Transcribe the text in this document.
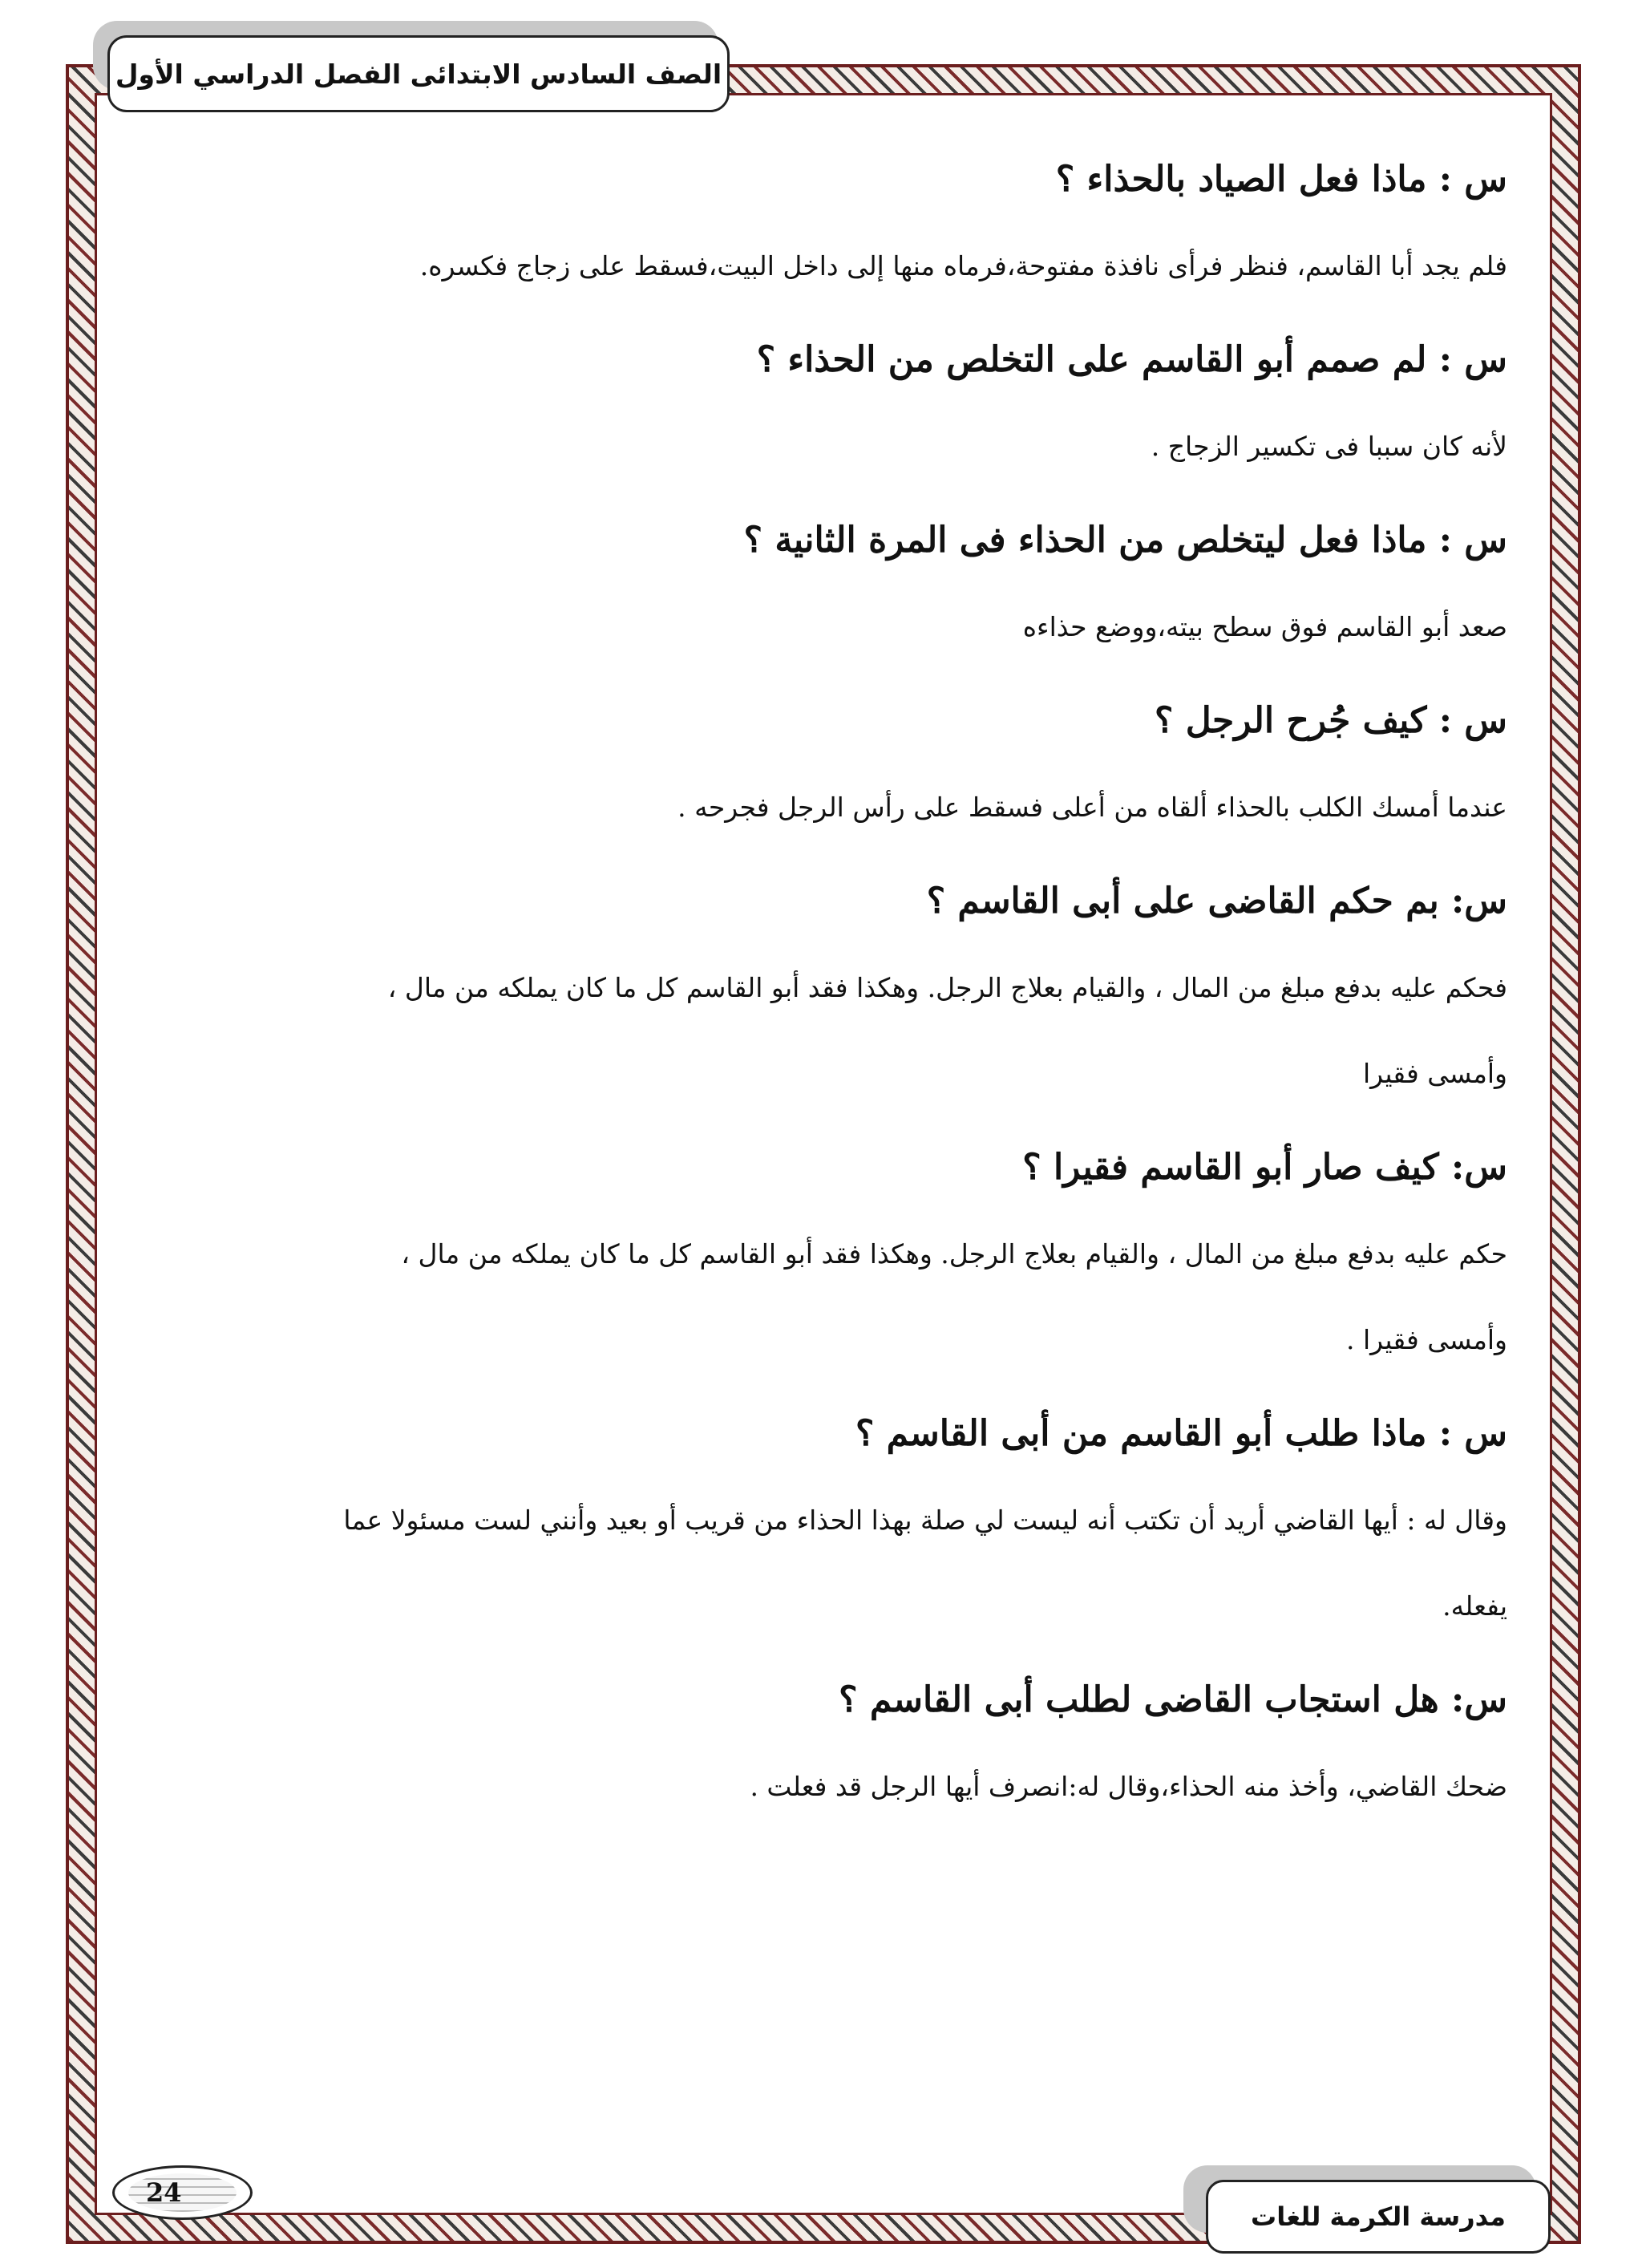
الصف السادس الابتدائى الفصل الدراسي الأول

س : ماذا فعل الصياد بالحذاء ؟

فلم يجد أبا القاسم، فنظر فرأى نافذة مفتوحة،فرماه منها إلى داخل البيت،فسقط على زجاج فكسره.

س : لم صمم أبو القاسم على التخلص من الحذاء ؟

لأنه كان سببا فى تكسير الزجاج .

س : ماذا فعل ليتخلص من الحذاء فى المرة الثانية ؟

صعد أبو القاسم فوق سطح بيته،ووضع حذاءه

س : كيف جُرح الرجل ؟

عندما أمسك الكلب بالحذاء ألقاه من أعلى فسقط على رأس الرجل فجرحه .

س: بم حكم القاضى على أبى القاسم ؟

فحكم عليه بدفع مبلغ من المال ، والقيام بعلاج الرجل. وهكذا فقد أبو القاسم كل ما كان يملكه من مال ،

وأمسى فقيرا

س: كيف صار أبو القاسم فقيرا ؟

حكم عليه بدفع مبلغ من المال ، والقيام بعلاج الرجل. وهكذا فقد أبو القاسم كل ما كان يملكه من مال ،

وأمسى فقيرا .

س : ماذا طلب أبو القاسم من أبى القاسم ؟

وقال له : أيها القاضي أريد أن تكتب أنه ليست لي صلة بهذا الحذاء من قريب أو بعيد وأنني لست مسئولا عما

يفعله.

س: هل استجاب القاضى لطلب أبى القاسم ؟

ضحك القاضي، وأخذ منه الحذاء،وقال له:انصرف أيها الرجل قد فعلت .

24
مدرسة الكرمة للغات
